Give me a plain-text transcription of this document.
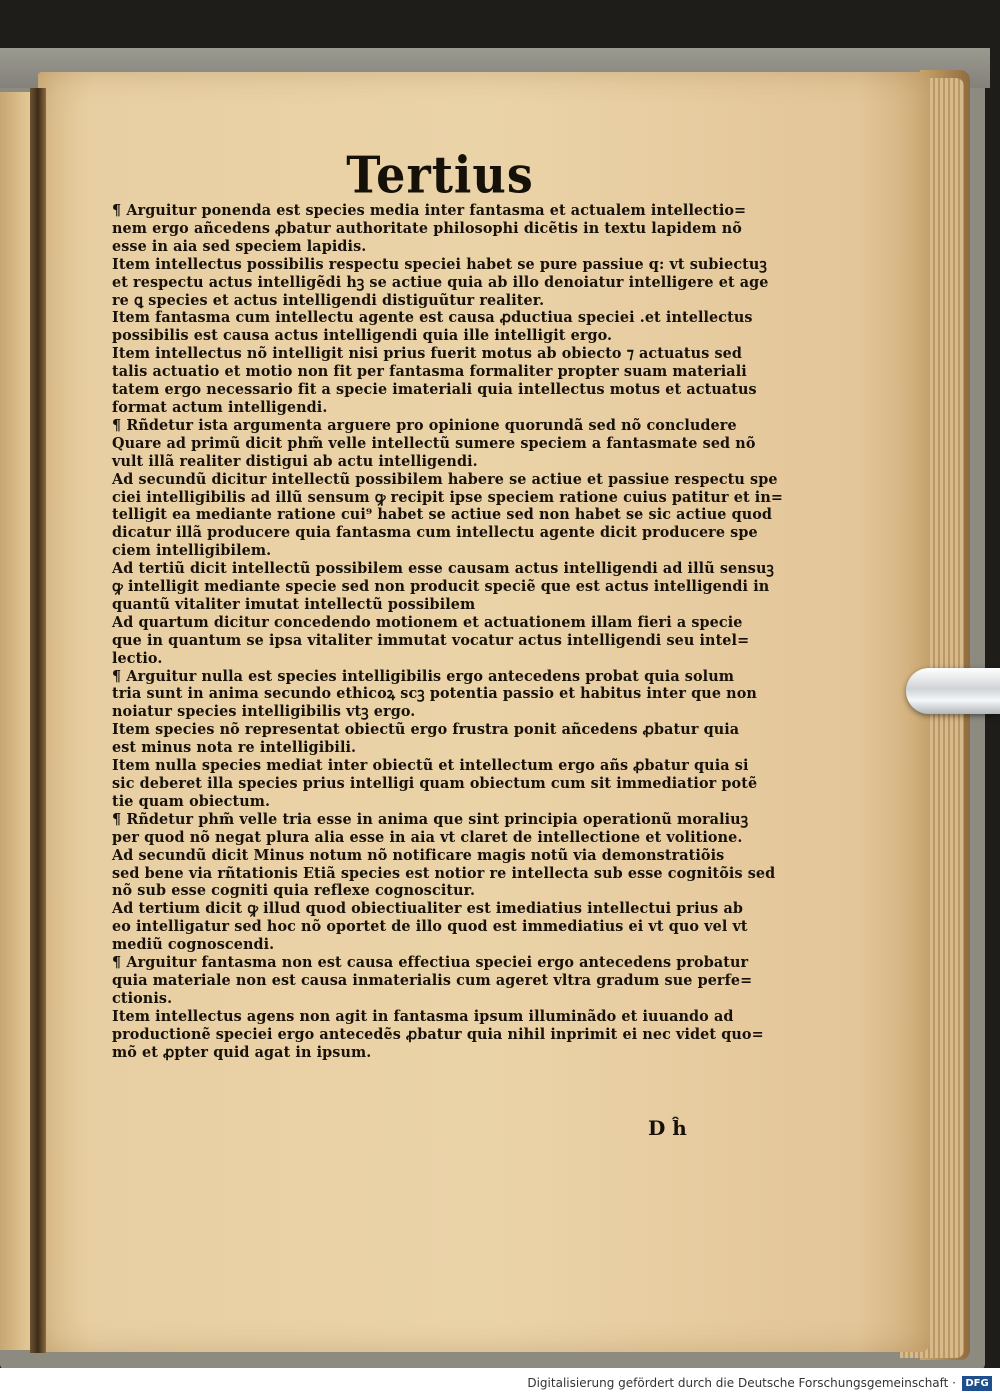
Tertius
¶ Arguitur ponenda est species media inter fantasma et actualem intellectio=
nem ergo añcedens ꝓbatur authoritate philosophi dicẽtis in textu lapidem nõ
esse in aia sed speciem lapidis.
Item intellectus possibilis respectu speciei habet se pure passiue q: vt subiectuꝫ
et respectu actus intelligẽdi hꝫ se actiue quia ab illo denoiatur intelligere et age
re ꝗ species et actus intelligendi distiguũtur realiter.
Item fantasma cum intellectu agente est causa ꝓductiua speciei .et intellectus
possibilis est causa actus intelligendi quia ille intelligit ergo.
Item intellectus nõ intelligit nisi prius fuerit motus ab obiecto ⁊ actuatus sed
talis actuatio et motio non fit per fantasma formaliter propter suam materiali
tatem ergo necessario fit a specie imateriali quia intellectus motus et actuatus
format actum intelligendi.
¶ Rñdetur ista argumenta arguere pro opinione quorundã sed nõ concludere
Quare ad primũ dicit phm̃ velle intellectũ sumere speciem a fantasmate sed nõ
vult illã realiter distigui ab actu intelligendi.
Ad secundũ dicitur intellectũ possibilem habere se actiue et passiue respectu spe
ciei intelligibilis ad illũ sensum ꝙ recipit ipse speciem ratione cuius patitur et in=
telligit ea mediante ratione cui⁹ habet se actiue sed non habet se sic actiue quod
dicatur illã producere quia fantasma cum intellectu agente dicit producere spe
ciem intelligibilem.
Ad tertiũ dicit intellectũ possibilem esse causam actus intelligendi ad illũ sensuꝫ
ꝙ intelligit mediante specie sed non producit speciẽ que est actus intelligendi in
quantũ vitaliter imutat intellectũ possibilem
Ad quartum dicitur concedendo motionem et actuationem illam fieri a specie
que in quantum se ipsa vitaliter immutat vocatur actus intelligendi seu intel=
lectio.
¶ Arguitur nulla est species intelligibilis ergo antecedens probat quia solum
tria sunt in anima secundo ethicoꝝ scꝫ potentia passio et habitus inter que non
noiatur species intelligibilis vtꝫ ergo.
Item species nõ representat obiectũ ergo frustra ponit añcedens ꝓbatur quia
est minus nota re intelligibili.
Item nulla species mediat inter obiectũ et intellectum ergo añs ꝓbatur quia si
sic deberet illa species prius intelligi quam obiectum cum sit immediatior potẽ
tie quam obiectum.
¶ Rñdetur phm̃ velle tria esse in anima que sint principia operationũ moraliuꝫ
per quod nõ negat plura alia esse in aia vt claret de intellectione et volitione.
Ad secundũ dicit Minus notum nõ notificare magis notũ via demonstratiõis
sed bene via rñtationis Etiã species est notior re intellecta sub esse cognitõis sed
nõ sub esse cogniti quia reflexe cognoscitur.
Ad tertium dicit ꝙ illud quod obiectiualiter est imediatius intellectui prius ab
eo intelligatur sed hoc nõ oportet de illo quod est immediatius ei vt quo vel vt
mediũ cognoscendi.
¶ Arguitur fantasma non est causa effectiua speciei ergo antecedens probatur
quia materiale non est causa inmaterialis cum ageret vltra gradum sue perfe=
ctionis.
Item intellectus agens non agit in fantasma ipsum illuminãdo et iuuando ad
productionẽ speciei ergo antecedẽs ꝓbatur quia nihil inprimit ei nec videt quo=
mõ et ꝓpter quid agat in ipsum.
D ĥ
Digitalisierung gefördert durch die Deutsche Forschungsgemeinschaft · DFG
